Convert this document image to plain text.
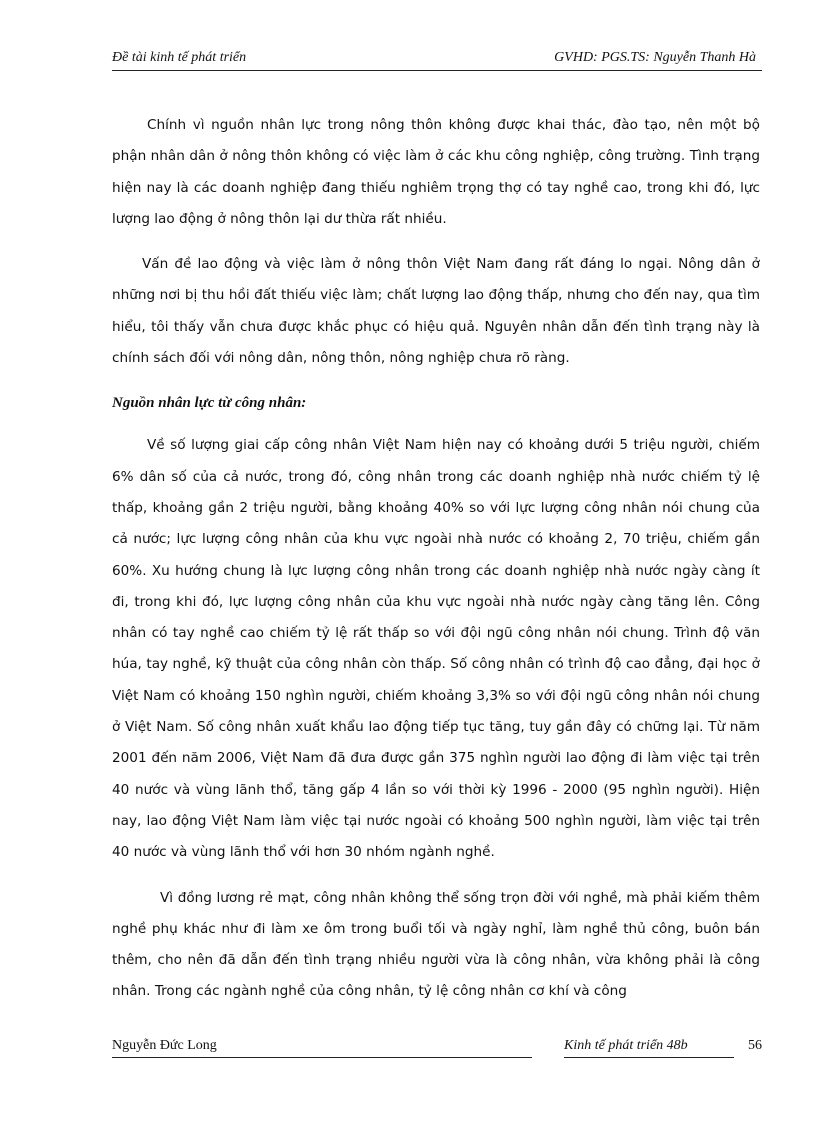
Đề tài kinh tế phát triển	GVHD: PGS.TS: Nguyễn Thanh Hà

Chính vì nguồn nhân lực trong nông thôn không được khai thác, đào tạo, nên một bộ phận nhân dân ở nông thôn không có việc làm ở các khu công nghiệp, công trường. Tình trạng hiện nay là các doanh nghiệp đang thiếu nghiêm trọng thợ có tay nghề cao, trong khi đó, lực lượng lao động ở nông thôn lại dư thừa rất nhiều.

Vấn đề lao động và việc làm ở nông thôn Việt Nam đang rất đáng lo ngại. Nông dân ở những nơi bị thu hồi đất thiếu việc làm; chất lượng lao động thấp, nhưng cho đến nay, qua tìm hiểu, tôi thấy vẫn chưa được khắc phục có hiệu quả. Nguyên nhân dẫn đến tình trạng này là chính sách đối với nông dân, nông thôn, nông nghiệp chưa rõ ràng.

Nguồn nhân lực từ công nhân:

Về số lượng giai cấp công nhân Việt Nam hiện nay có khoảng dưới 5 triệu người, chiếm 6% dân số của cả nước, trong đó, công nhân trong các doanh nghiệp nhà nước chiếm tỷ lệ thấp, khoảng gần 2 triệu người, bằng khoảng 40% so với lực lượng công nhân nói chung của cả nước; lực lượng công nhân của khu vực ngoài nhà nước có khoảng 2, 70 triệu, chiếm gần 60%. Xu hướng chung là lực lượng công nhân trong các doanh nghiệp nhà nước ngày càng ít đi, trong khi đó, lực lượng công nhân của khu vực ngoài nhà nước ngày càng tăng lên. Công nhân có tay nghề cao chiếm tỷ lệ rất thấp so với đội ngũ công nhân nói chung. Trình độ văn húa, tay nghề, kỹ thuật của công nhân còn thấp. Số công nhân có trình độ cao đẳng, đại học ở Việt Nam có khoảng 150 nghìn người, chiếm khoảng 3,3% so với đội ngũ công nhân nói chung ở Việt Nam. Số công nhân xuất khẩu lao động tiếp tục tăng, tuy gần đây có chững lại. Từ năm 2001 đến năm 2006, Việt Nam đã đưa được gần 375 nghìn người lao động đi làm việc tại trên 40 nước và vùng lãnh thổ, tăng gấp 4 lần so với thời kỳ 1996 - 2000 (95 nghìn người). Hiện nay, lao động Việt Nam làm việc tại nước ngoài có khoảng 500 nghìn người, làm việc tại trên 40 nước và vùng lãnh thổ với hơn 30 nhóm ngành nghề.

Vì đồng lương rẻ mạt, công nhân không thể sống trọn đời với nghề, mà phải kiếm thêm nghề phụ khác như đi làm xe ôm trong buổi tối và ngày nghỉ, làm nghề thủ công, buôn bán thêm, cho nên đã dẫn đến tình trạng nhiều người vừa là công nhân, vừa không phải là công nhân. Trong các ngành nghề của công nhân, tỷ lệ công nhân cơ khí và công

Nguyễn Đức Long	Kinh tế phát triển 48b	56
